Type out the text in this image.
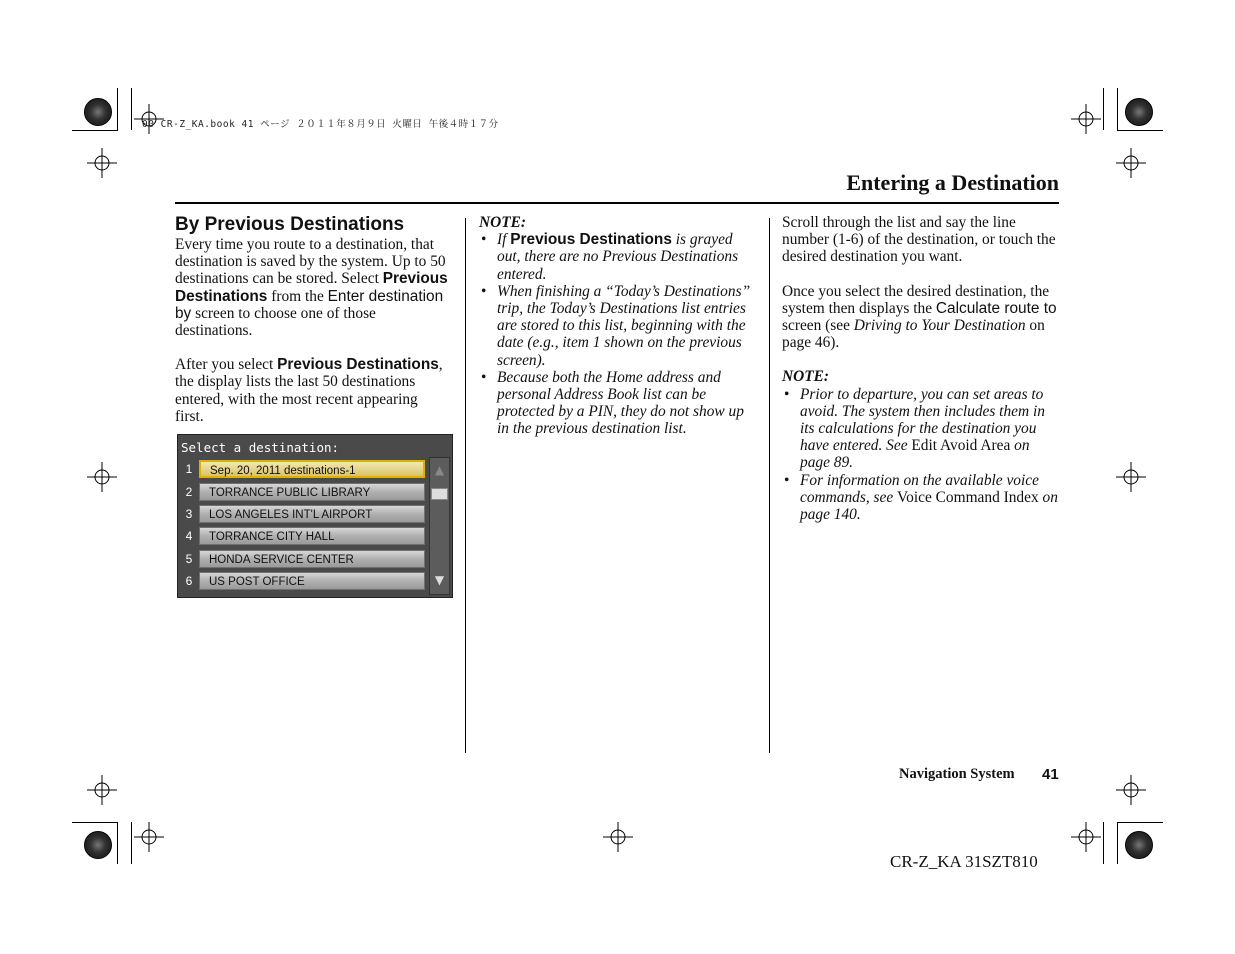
00 CR-Z_KA.book 41 ページ ２０１１年８月９日 火曜日 午後４時１７分
Entering a Destination
By Previous Destinations

Every time you route to a destination, that destination is saved by the system. Up to 50 destinations can be stored. Select Previous Destinations from the Enter destination by screen to choose one of those destinations.

After you select Previous Destinations, the display lists the last 50 destinations entered, with the most recent appearing first.

Select a destination:
1	Sep. 20, 2011 destinations-1
2	TORRANCE PUBLIC LIBRARY
3	LOS ANGELES INT'L AIRPORT
4	TORRANCE CITY HALL
5	HONDA SERVICE CENTER
6	US POST OFFICE
▲
▼

NOTE:

• If Previous Destinations is grayed out, there are no Previous Destinations entered.
• When finishing a “Today’s Destinations” trip, the Today’s Destinations list entries are stored to this list, beginning with the date (e.g., item 1 shown on the previous screen).
• Because both the Home address and personal Address Book list can be protected by a PIN, they do not show up in the previous destination list.

Scroll through the list and say the line number (1-6) of the destination, or touch the desired destination you want.

Once you select the desired destination, the system then displays the Calculate route to screen (see Driving to Your Destination on page 46).

NOTE:

• Prior to departure, you can set areas to avoid. The system then includes them in its calculations for the destination you have entered. See Edit Avoid Area on page 89.
• For information on the available voice commands, see Voice Command Index on page 140.
Navigation System 41
CR-Z_KA 31SZT810
